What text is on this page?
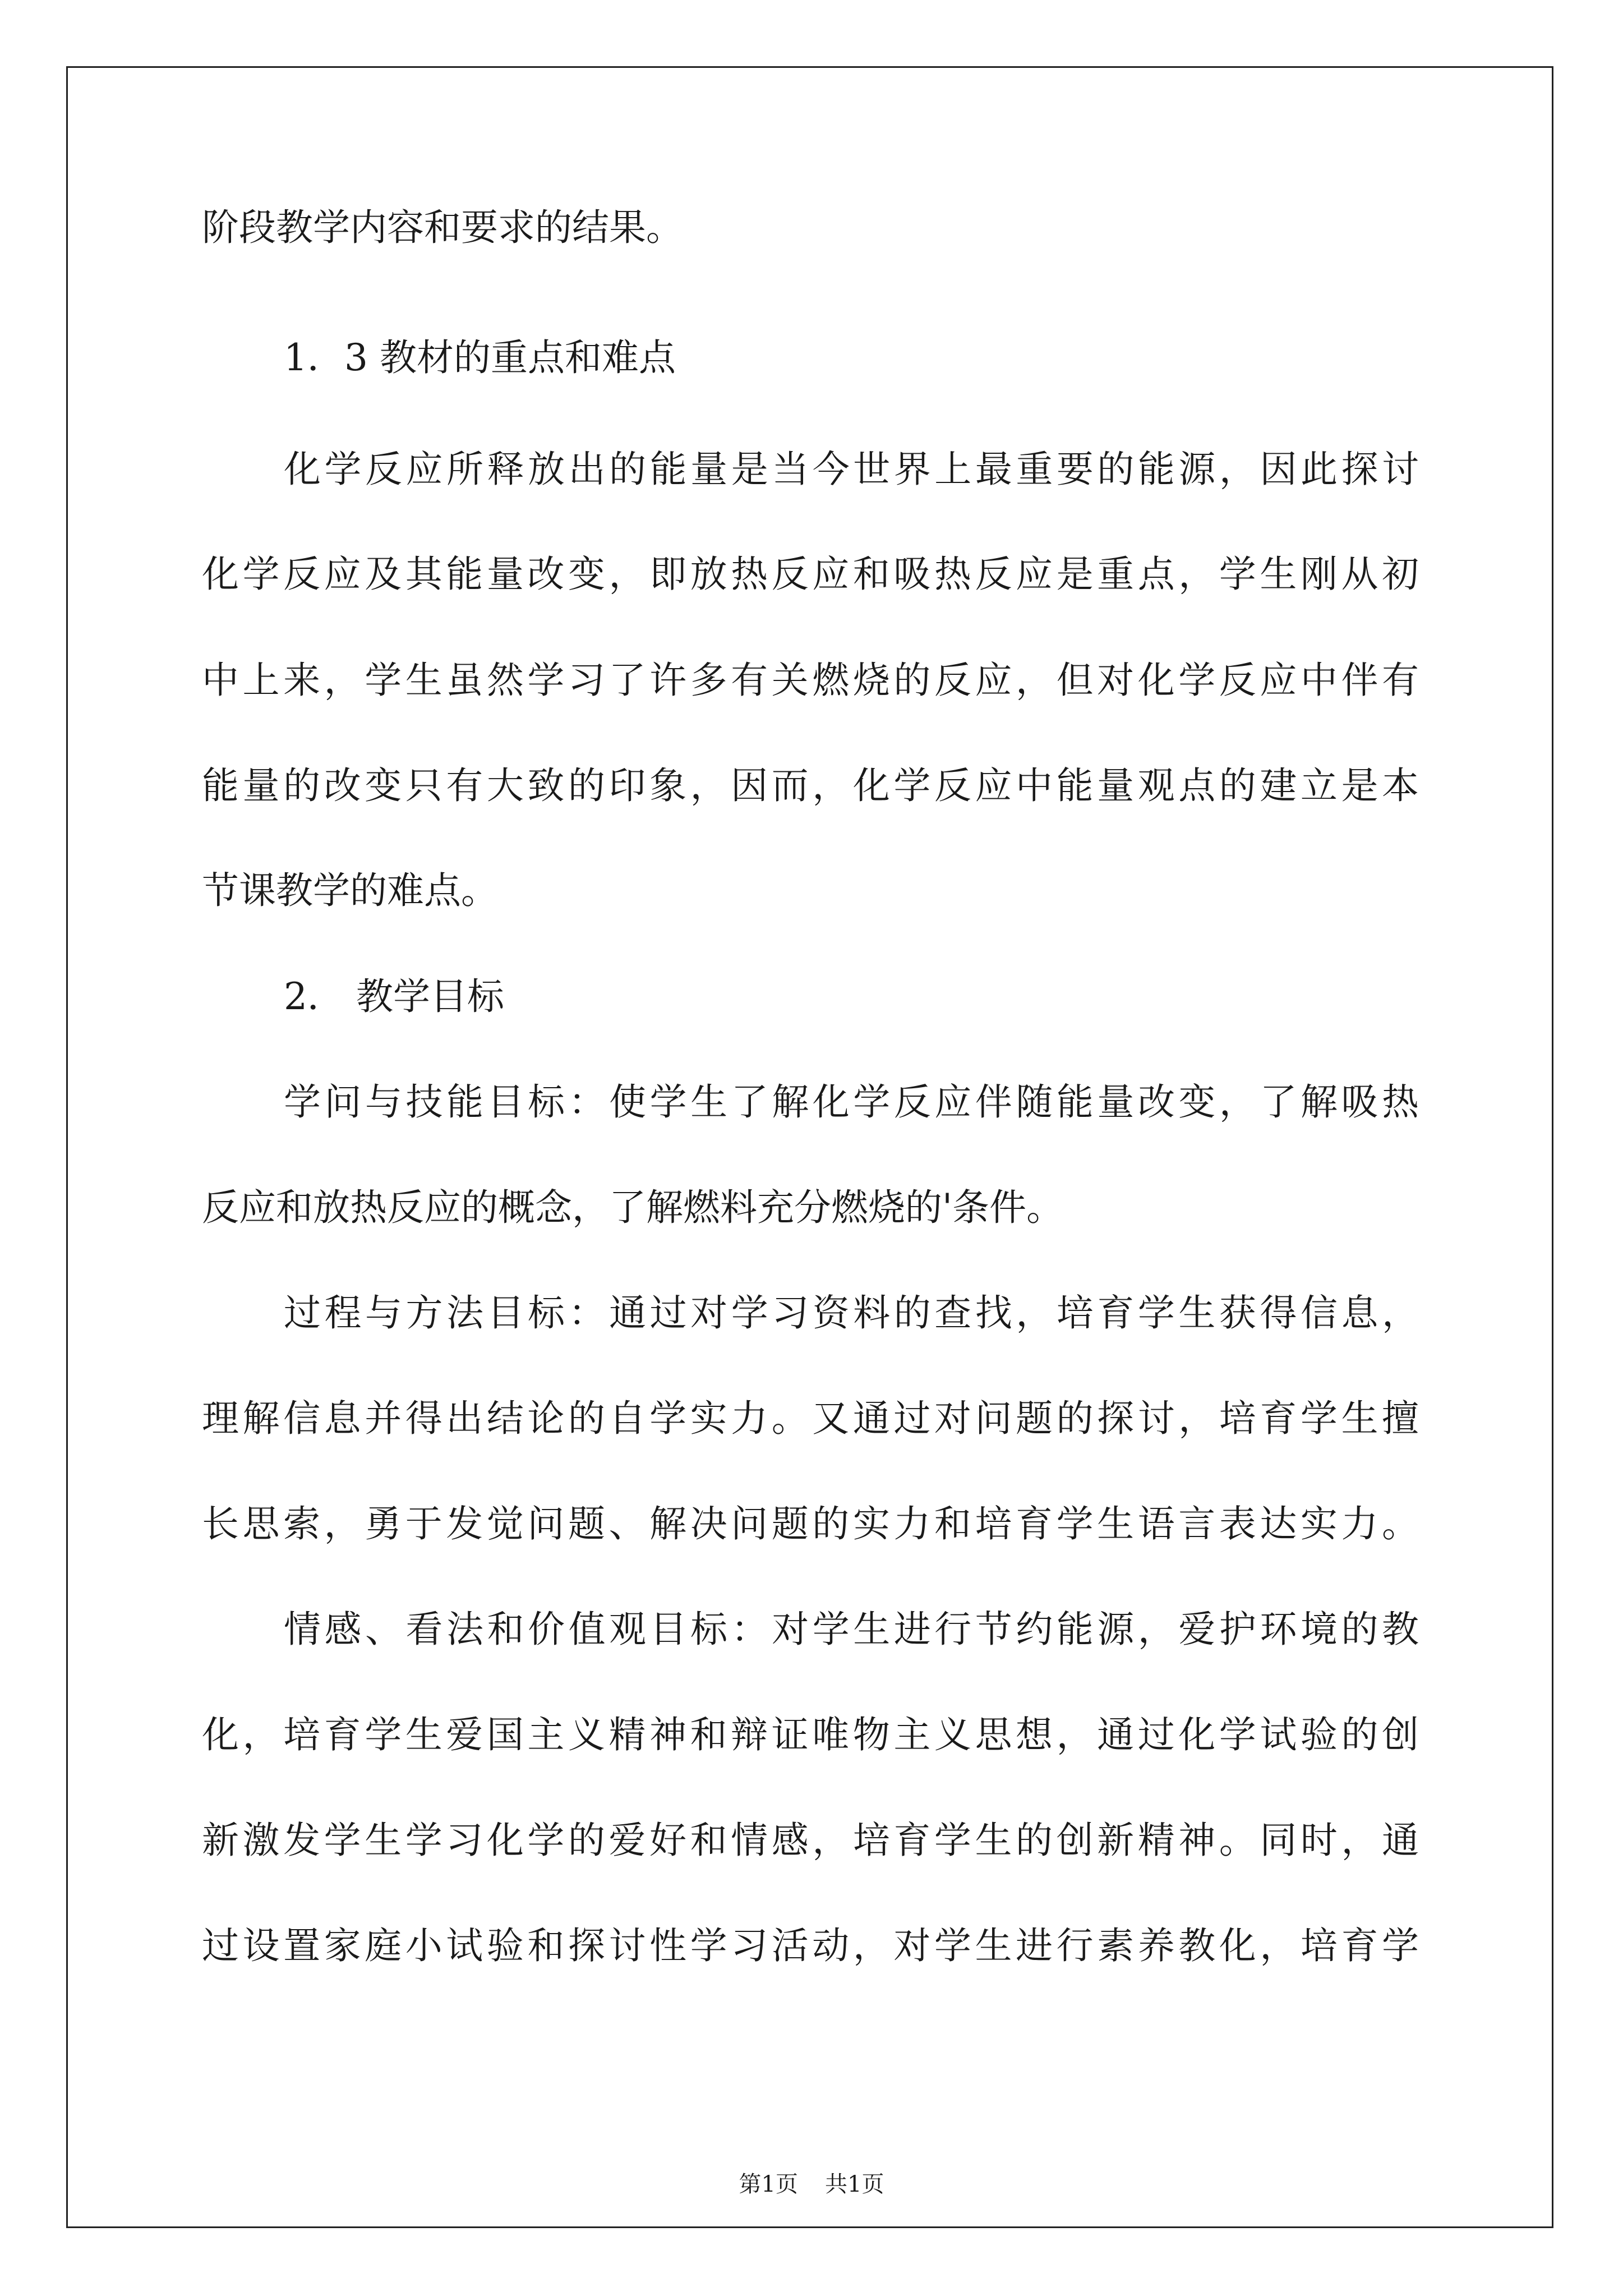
阶段教学内容和要求的结果。

1．3 教材的重点和难点

化学反应所释放出的能量是当今世界上最重要的能源，因此探讨

化学反应及其能量改变，即放热反应和吸热反应是重点，学生刚从初

中上来，学生虽然学习了许多有关燃烧的反应，但对化学反应中伴有

能量的改变只有大致的印象，因而，化学反应中能量观点的建立是本

节课教学的难点。

2． 教学目标

学问与技能目标：使学生了解化学反应伴随能量改变，了解吸热

反应和放热反应的概念，了解燃料充分燃烧的'条件。

过程与方法目标：通过对学习资料的查找，培育学生获得信息，

理解信息并得出结论的自学实力。又通过对问题的探讨，培育学生擅

长思索，勇于发觉问题、解决问题的实力和培育学生语言表达实力。

情感、看法和价值观目标：对学生进行节约能源，爱护环境的教

化，培育学生爱国主义精神和辩证唯物主义思想，通过化学试验的创

新激发学生学习化学的爱好和情感，培育学生的创新精神。同时，通

过设置家庭小试验和探讨性学习活动，对学生进行素养教化，培育学

第1页 共1页
